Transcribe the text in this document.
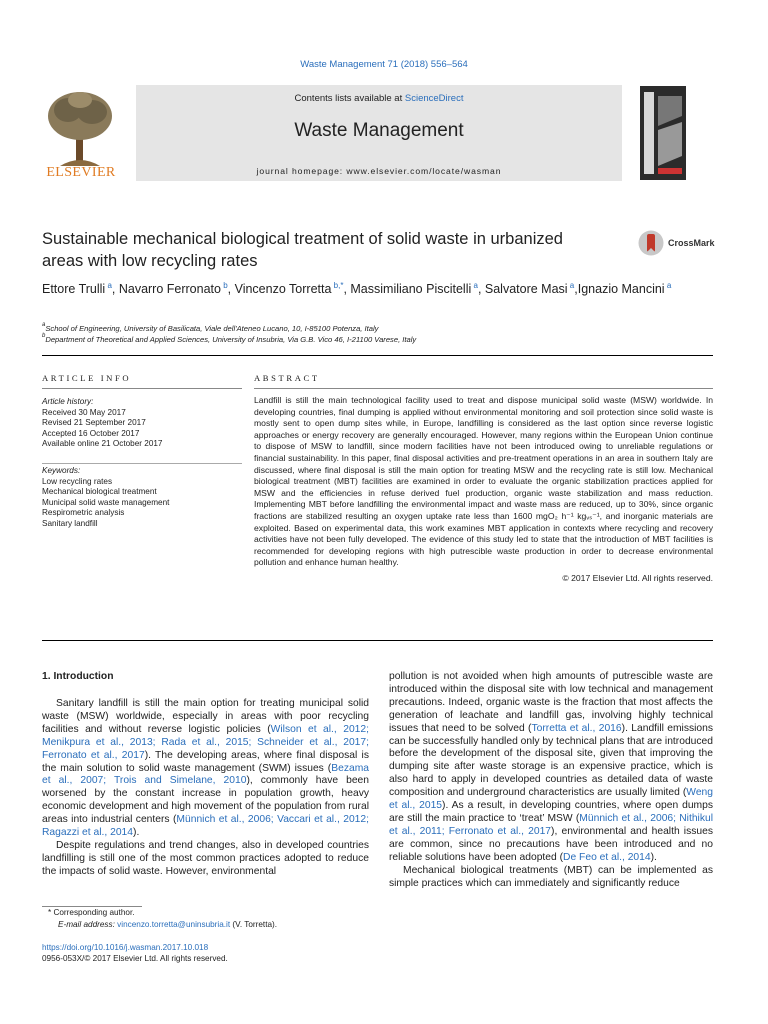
Waste Management 71 (2018) 556–564
ELSEVIER
Contents lists available at ScienceDirect
Waste Management
journal homepage: www.elsevier.com/locate/wasman
Sustainable mechanical biological treatment of solid waste in urbanized areas with low recycling rates
CrossMark
Ettore Trulli $^a$, Navarro Ferronato $^b$, Vincenzo Torretta $^{b,*}$, Massimiliano Piscitelli $^a$, Salvatore Masi $^a$,Ignazio Mancini $^a$
$^a$School of Engineering, University of Basilicata, Viale dell'Ateneo Lucano, 10, I-85100 Potenza, Italy
$^b$Department of Theoretical and Applied Sciences, University of Insubria, Via G.B. Vico 46, I-21100 Varese, Italy
ARTICLE INFO	ABSTRACT
Article history:
Received 30 May 2017
Revised 21 September 2017
Accepted 16 October 2017
Available online 21 October 2017
Keywords:
Low recycling rates
Mechanical biological treatment
Municipal solid waste management
Respirometric analysis
Sanitary landfill
Landfill is still the main technological facility used to treat and dispose municipal solid waste (MSW) worldwide. In developing countries, final dumping is applied without environmental monitoring and soil protection since solid waste is mostly sent to open dump sites while, in Europe, landfilling is considered as the last option since reverse logistic approaches or energy recovery are generally encouraged. However, many regions within the European Union continue to dispose of MSW to landfill, since modern facilities have not been introduced owing to unreliable regulations or financial sustainability. In this paper, final disposal activities and pre-treatment operations in an area in southern Italy are discussed, where final disposal is still the main option for treating MSW and the recycling rate is still low. Mechanical biological treatment (MBT) facilities are examined in order to evaluate the organic stabilization practices applied for MSW and the efficiencies in refuse derived fuel production, organic waste stabilization and mass reduction. Implementing MBT before landfilling the environmental impact and waste mass are reduced, up to 30%, since organic fractions are stabilized resulting an oxygen uptake rate less than 1600 mgO₂ h⁻¹ kgᵥₛ⁻¹, and inorganic materials are exploited. Based on experimental data, this work examines MBT application in contexts where recycling and recovery activities have not been fully developed. The evidence of this study led to state that the introduction of MBT facilities is recommended for developing regions with high putrescible waste production in order to decrease environmental pollution and enhance human healthy.
© 2017 Elsevier Ltd. All rights reserved.
1. Introduction

Sanitary landfill is still the main option for treating municipal solid waste (MSW) worldwide, especially in areas with poor recycling facilities and without reverse logistic policies (Wilson et al., 2012; Menikpura et al., 2013; Rada et al., 2015; Schneider et al., 2017; Ferronato et al., 2017). The developing areas, where final disposal is the main solution to solid waste management (SWM) issues (Bezama et al., 2007; Trois and Simelane, 2010), commonly have been worsened by the constant increase in population growth, heavy economic development and high movement of the population from rural areas into industrial centers (Münnich et al., 2006; Vaccari et al., 2012; Ragazzi et al., 2014).

Despite regulations and trend changes, also in developed countries landfilling is still one of the most common practices adopted to reduce the impacts of solid waste. However, environmental

pollution is not avoided when high amounts of putrescible waste are introduced within the disposal site with low technical and management precautions. Indeed, organic waste is the fraction that most affects the generation of leachate and landfill gas, involving highly technical issues that need to be solved (Torretta et al., 2016). Landfill emissions can be successfully handled only by technical plans that are introduced before the development of the disposal site, given that improving the dumping site after waste storage is an expensive practice, which is also hard to apply in developed countries as detailed data of waste composition and underground characteristics are usually limited (Weng et al., 2015). As a result, in developing countries, where open dumps are still the main practice to ‘treat’ MSW (Münnich et al., 2006; Nithikul et al., 2011; Ferronato et al., 2017), environmental and health issues are common, since no precautions have been introduced and no reliable solutions have been adopted (De Feo et al., 2014).

Mechanical biological treatments (MBT) can be implemented as simple practices which can immediately and significantly reduce

* Corresponding author.
E-mail address: vincenzo.torretta@uninsubria.it (V. Torretta).
https://doi.org/10.1016/j.wasman.2017.10.018
0956-053X/© 2017 Elsevier Ltd. All rights reserved.
